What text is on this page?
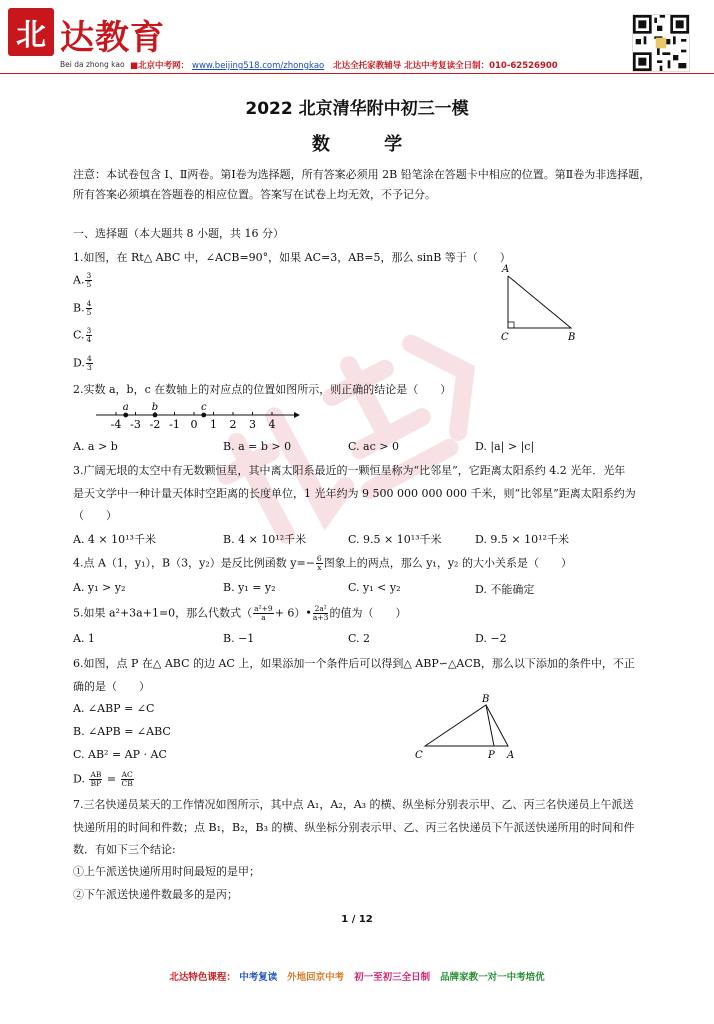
北 达教育
Bei da zhong kao ■北京中考网： www.beijing518.com/zhongkao 北达全托家教辅导 北达中考复读全日制：010-62526900
2022 北京清华附中初三一模
数 学
注意：本试卷包含 Ⅰ、Ⅱ两卷。第Ⅰ卷为选择题，所有答案必须用 2B 铅笔涂在答题卡中相应的位置。第Ⅱ卷为非选择题，所有答案必须填在答题卷的相应位置。答案写在试卷上均无效，不予记分。
一、选择题（本大题共 8 小题，共 16 分）
1.如图，在 Rt△ ABC 中，∠ACB=90°，如果 AC=3，AB=5，那么 sinB 等于（　　）
A. $\frac{3}{5}$
B. $\frac{4}{5}$
C. $\frac{3}{4}$
D. $\frac{4}{3}$
A
C	B
2.实数 a，b，c 在数轴上的对应点的位置如图所示，则正确的结论是（　　）
-4 -3 -2 -1 0 1 2 3 4
a b	c
A. a > b	B. a = b > 0	C. ac > 0	D. |a| > |c|
3.广阔无垠的太空中有无数颗恒星，其中离太阳系最近的一颗恒星称为“比邻星”，它距离太阳系约 4.2 光年．光年
是天文学中一种计量天体时空距离的长度单位，1 光年约为 9 500 000 000 000 千米，则“比邻星”距离太阳系约为
（　　）
A. 4 × 10¹³千米	B. 4 × 10¹²千米	C. 9.5 × 10¹³千米	D. 9.5 × 10¹²千米
4.点 A（1，y₁），B（3，y₂）是反比例函数 $y=- \frac{6}{x}$ 图象上的两点，那么 y₁，y₂ 的大小关系是（　　）
A. y₁ > y₂	B. y₁ = y₂	C. y₁ < y₂	D. 不能确定
5.如果 a²+3a+1=0，那么代数式（ $\frac{\text{a²+9}}{a}$ + 6）• $\frac{\text{2a²}}{a+3}$ 的值为（　　）
A. 1	B. −1	C. 2	D. −2
6.如图，点 P 在△ ABC 的边 AC 上，如果添加一个条件后可以得到△ ABP∽△ACB，那么以下添加的条件中，不正
确的是（　　）
A. ∠ABP = ∠C
B. ∠APB = ∠ABC
C. AB² = AP · AC
D. $\frac{AB}{BP} = \frac{AC}{CB}$
B
C	P A
7.三名快递员某天的工作情况如图所示，其中点 A₁，A₂，A₃ 的横、纵坐标分别表示甲、乙、丙三名快递员上午派送
快递所用的时间和件数；点 B₁，B₂，B₃ 的横、纵坐标分别表示甲、乙、丙三名快递员下午派送快递所用的时间和件
数．有如下三个结论:
①上午派送快递所用时间最短的是甲；
②下午派送快递件数最多的是丙；
1 / 12
北达特色课程： 中考复读 外地回京中考 初一至初三全日制 品牌家教一对一中考培优
